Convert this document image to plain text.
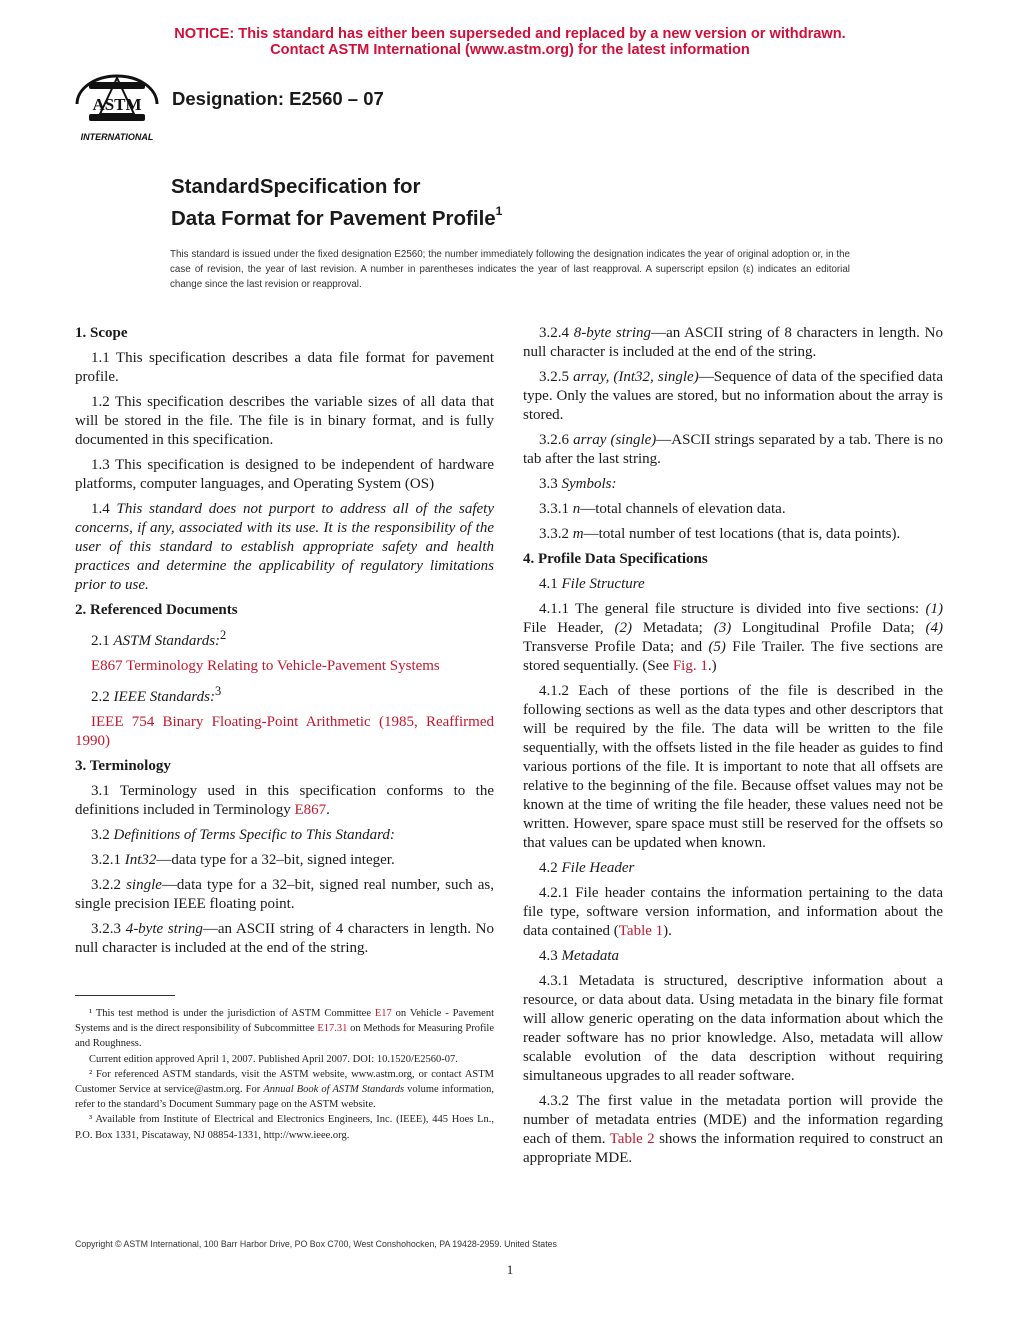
NOTICE: This standard has either been superseded and replaced by a new version or withdrawn.
Contact ASTM International (www.astm.org) for the latest information
ASTM
INTERNATIONAL
Designation: E2560 – 07
StandardSpecification for
Data Format for Pavement Profile$^1$
This standard is issued under the fixed designation E2560; the number immediately following the designation indicates the year of original adoption or, in the case of revision, the year of last revision. A number in parentheses indicates the year of last reapproval. A superscript epsilon (ε) indicates an editorial change since the last revision or reapproval.
1. Scope

1.1 This specification describes a data file format for pavement profile.

1.2 This specification describes the variable sizes of all data that will be stored in the file. The file is in binary format, and is fully documented in this specification.

1.3 This specification is designed to be independent of hardware platforms, computer languages, and Operating System (OS)

1.4 This standard does not purport to address all of the safety concerns, if any, associated with its use. It is the responsibility of the user of this standard to establish appropriate safety and health practices and determine the applicability of regulatory limitations prior to use.

2. Referenced Documents

2.1 ASTM Standards:$^2$

E867 Terminology Relating to Vehicle-Pavement Systems

2.2 IEEE Standards:$^3$

IEEE 754 Binary Floating-Point Arithmetic (1985, Reaffirmed 1990)

3. Terminology

3.1 Terminology used in this specification conforms to the definitions included in Terminology E867.

3.2 Definitions of Terms Specific to This Standard:

3.2.1 Int32—data type for a 32–bit, signed integer.

3.2.2 single—data type for a 32–bit, signed real number, such as, single precision IEEE floating point.

3.2.3 4-byte string—an ASCII string of 4 characters in length. No null character is included at the end of the string.

3.2.4 8-byte string—an ASCII string of 8 characters in length. No null character is included at the end of the string.

3.2.5 array, (Int32, single)—Sequence of data of the specified data type. Only the values are stored, but no information about the array is stored.

3.2.6 array (single)—ASCII strings separated by a tab. There is no tab after the last string.

3.3 Symbols:

3.3.1 n—total channels of elevation data.

3.3.2 m—total number of test locations (that is, data points).

4. Profile Data Specifications

4.1 File Structure

4.1.1 The general file structure is divided into five sections: (1) File Header, (2) Metadata; (3) Longitudinal Profile Data; (4) Transverse Profile Data; and (5) File Trailer. The five sections are stored sequentially. (See Fig. 1.)

4.1.2 Each of these portions of the file is described in the following sections as well as the data types and other descriptors that will be required by the file. The data will be written to the file sequentially, with the offsets listed in the file header as guides to find various portions of the file. It is important to note that all offsets are relative to the beginning of the file. Because offset values may not be known at the time of writing the file header, these values need not be written. However, spare space must still be reserved for the offsets so that values can be updated when known.

4.2 File Header

4.2.1 File header contains the information pertaining to the data file type, software version information, and information about the data contained (Table 1).

4.3 Metadata

4.3.1 Metadata is structured, descriptive information about a resource, or data about data. Using metadata in the binary file format will allow generic operating on the data information about which the reader software has no prior knowledge. Also, metadata will allow scalable evolution of the data description without requiring simultaneous upgrades to all reader software.

4.3.2 The first value in the metadata portion will provide the number of metadata entries (MDE) and the information regarding each of them. Table 2 shows the information required to construct an appropriate MDE.

¹ This test method is under the jurisdiction of ASTM Committee E17 on Vehicle - Pavement Systems and is the direct responsibility of Subcommittee E17.31 on Methods for Measuring Profile and Roughness.

Current edition approved April 1, 2007. Published April 2007. DOI: 10.1520/E2560-07.

² For referenced ASTM standards, visit the ASTM website, www.astm.org, or contact ASTM Customer Service at service@astm.org. For Annual Book of ASTM Standards volume information, refer to the standard’s Document Summary page on the ASTM website.

³ Available from Institute of Electrical and Electronics Engineers, Inc. (IEEE), 445 Hoes Ln., P.O. Box 1331, Piscataway, NJ 08854-1331, http://www.ieee.org.

Copyright © ASTM International, 100 Barr Harbor Drive, PO Box C700, West Conshohocken, PA 19428-2959. United States
1
